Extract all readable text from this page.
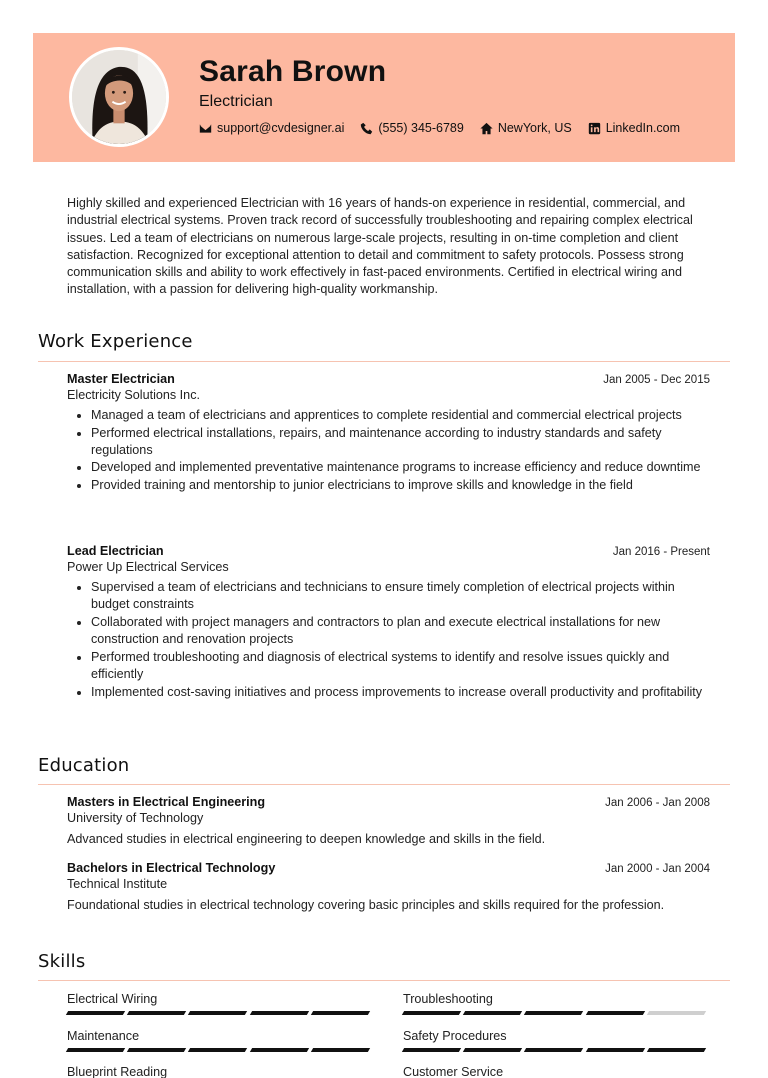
Sarah Brown
Electrician
support@cvdesigner.ai	(555) 345-6789	NewYork, US	LinkedIn.com
Highly skilled and experienced Electrician with 16 years of hands-on experience in residential, commercial, and industrial electrical systems. Proven track record of successfully troubleshooting and repairing complex electrical issues. Led a team of electricians on numerous large-scale projects, resulting in on-time completion and client satisfaction. Recognized for exceptional attention to detail and commitment to safety protocols. Possess strong communication skills and ability to work effectively in fast-paced environments. Certified in electrical wiring and installation, with a passion for delivering high-quality workmanship.
Work Experience
Master Electrician	Jan 2005 - Dec 2015
Electricity Solutions Inc.
• Managed a team of electricians and apprentices to complete residential and commercial electrical projects
• Performed electrical installations, repairs, and maintenance according to industry standards and safety regulations
• Developed and implemented preventative maintenance programs to increase efficiency and reduce downtime
• Provided training and mentorship to junior electricians to improve skills and knowledge in the field
Lead Electrician	Jan 2016 - Present
Power Up Electrical Services
• Supervised a team of electricians and technicians to ensure timely completion of electrical projects within budget constraints
• Collaborated with project managers and contractors to plan and execute electrical installations for new construction and renovation projects
• Performed troubleshooting and diagnosis of electrical systems to identify and resolve issues quickly and efficiently
• Implemented cost-saving initiatives and process improvements to increase overall productivity and profitability
Education
Masters in Electrical Engineering	Jan 2006 - Jan 2008
University of Technology
Advanced studies in electrical engineering to deepen knowledge and skills in the field.
Bachelors in Electrical Technology	Jan 2000 - Jan 2004
Technical Institute
Foundational studies in electrical technology covering basic principles and skills required for the profession.
Skills
Electrical Wiring	Troubleshooting
Maintenance	Safety Procedures
Blueprint Reading	Customer Service
